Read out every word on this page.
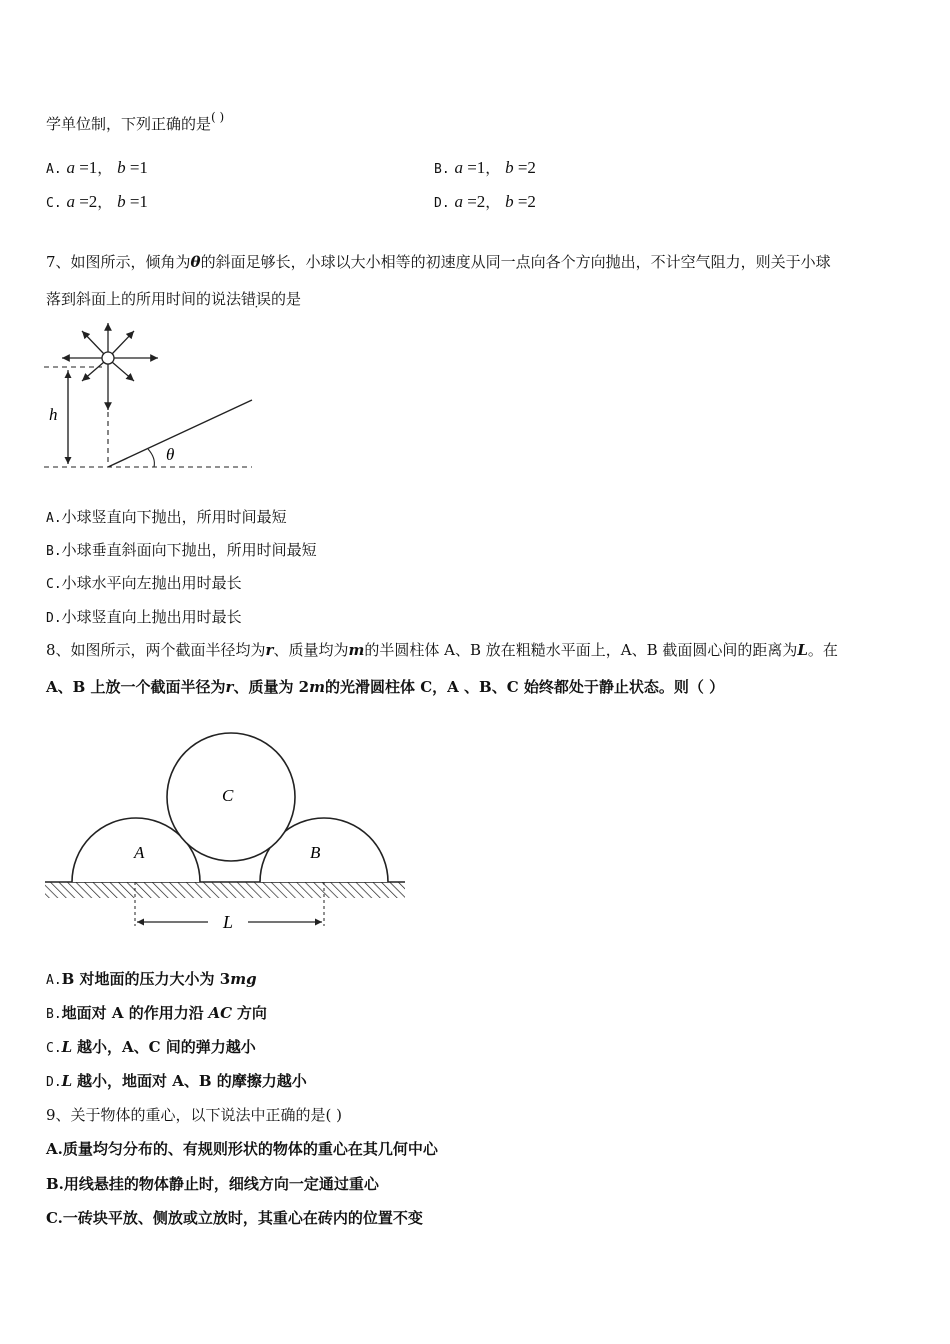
学单位制，下列正确的是( )
A. a =1， b =1	B. a =1， b =2
C. a =2， b =1	D. a =2， b =2
7、如图所示，倾角为θ的斜面足够长，小球以大小相等的初速度从同一点向各个方向抛出，不计空气阻力，则关于小球
落到斜面上的所用时间的说法错误的是
h
θ
A.小球竖直向下抛出，所用时间最短
B.小球垂直斜面向下抛出，所用时间最短
C.小球水平向左抛出用时最长
D.小球竖直向上抛出用时最长
8、如图所示，两个截面半径均为r、质量均为m的半圆柱体 A、B 放在粗糙水平面上，A、B 截面圆心间的距离为L。在
A、B 上放一个截面半径为r、质量为 2m的光滑圆柱体 C，A 、B、C 始终都处于静止状态。则（ ）
A	B
C
L
A.B 对地面的压力大小为 3mg
B.地面对 A 的作用力沿 AC 方向
C.L 越小，A、C 间的弹力越小
D.L 越小，地面对 A、B 的摩擦力越小
9、关于物体的重心，以下说法中正确的是( )
A.质量均匀分布的、有规则形状的物体的重心在其几何中心
B.用线悬挂的物体静止时，细线方向一定通过重心
C.一砖块平放、侧放或立放时，其重心在砖内的位置不变
